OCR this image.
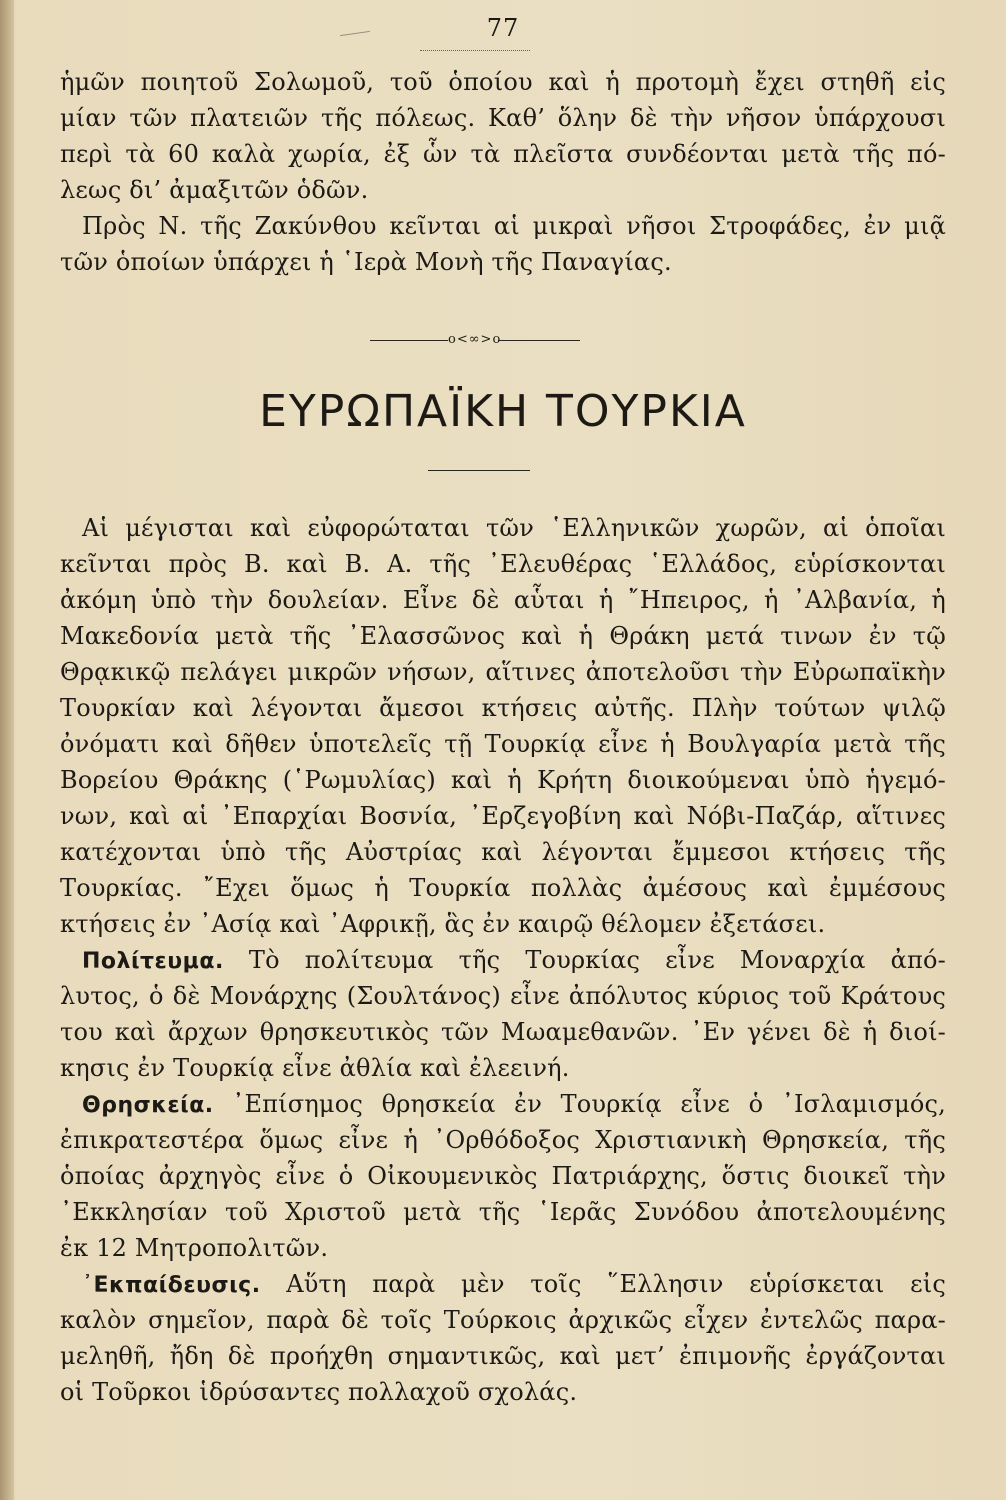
77
ἡμῶν ποιητοῦ Σολωμοῦ, τοῦ ὁποίου καὶ ἡ προτομὴ ἔχει στηθῆ εἰς
μίαν τῶν πλατειῶν τῆς πόλεως. Καθ’ ὅλην δὲ τὴν νῆσον ὑπάρχουσι
περὶ τὰ 60 καλὰ χωρία, ἐξ ὧν τὰ πλεῖστα συνδέονται μετὰ τῆς πό-
λεως δι’ ἀμαξιτῶν ὁδῶν.
Πρὸς Ν. τῆς Ζακύνθου κεῖνται αἱ μικραὶ νῆσοι Στροφάδες, ἐν μιᾷ
τῶν ὁποίων ὑπάρχει ἡ ῾Ιερὰ Μονὴ τῆς Παναγίας.
o<∞>o
ΕΥΡΩΠΑΪΚΗ ΤΟΥΡΚΙΑ
Αἱ μέγισται καὶ εὐφορώταται τῶν ῾Ελληνικῶν χωρῶν, αἱ ὁποῖαι
κεῖνται πρὸς Β. καὶ Β. Α. τῆς ᾿Ελευθέρας ῾Ελλάδος, εὑρίσκονται
ἀκόμη ὑπὸ τὴν δουλείαν. Εἶνε δὲ αὗται ἡ ῎Ηπειρος, ἡ ᾿Αλβανία, ἡ
Μακεδονία μετὰ τῆς ᾿Ελασσῶνος καὶ ἡ Θράκη μετά τινων ἐν τῷ
Θρᾳκικῷ πελάγει μικρῶν νήσων, αἵτινες ἀποτελοῦσι τὴν Εὐρωπαϊκὴν
Τουρκίαν καὶ λέγονται ἄμεσοι κτήσεις αὐτῆς. Πλὴν τούτων ψιλῷ
ὀνόματι καὶ δῆθεν ὑποτελεῖς τῇ Τουρκίᾳ εἶνε ἡ Βουλγαρία μετὰ τῆς
Βορείου Θράκης (῾Ρωμυλίας) καὶ ἡ Κρήτη διοικούμεναι ὑπὸ ἡγεμό-
νων, καὶ αἱ ᾿Επαρχίαι Βοσνία, ᾿Ερζεγοβίνη καὶ Νόβι-Παζάρ, αἵτινες
κατέχονται ὑπὸ τῆς Αὐστρίας καὶ λέγονται ἔμμεσοι κτήσεις τῆς
Τουρκίας. ῎Εχει ὅμως ἡ Τουρκία πολλὰς ἀμέσους καὶ ἐμμέσους
κτήσεις ἐν ᾿Ασίᾳ καὶ ᾿Αφρικῇ, ἃς ἐν καιρῷ θέλομεν ἐξετάσει.
Πολίτευμα. Τὸ πολίτευμα τῆς Τουρκίας εἶνε Μοναρχία ἀπό-
λυτος, ὁ δὲ Μονάρχης (Σουλτάνος) εἶνε ἀπόλυτος κύριος τοῦ Κράτους
του καὶ ἄρχων θρησκευτικὸς τῶν Μωαμεθανῶν. ᾿Εν γένει δὲ ἡ διοί-
κησις ἐν Τουρκίᾳ εἶνε ἀθλία καὶ ἐλεεινή.
Θρησκεία. ᾿Επίσημος θρησκεία ἐν Τουρκίᾳ εἶνε ὁ ᾿Ισλαμισμός,
ἐπικρατεστέρα ὅμως εἶνε ἡ ᾿Ορθόδοξος Χριστιανικὴ Θρησκεία, τῆς
ὁποίας ἀρχηγὸς εἶνε ὁ Οἰκουμενικὸς Πατριάρχης, ὅστις διοικεῖ τὴν
᾿Εκκλησίαν τοῦ Χριστοῦ μετὰ τῆς ῾Ιερᾶς Συνόδου ἀποτελουμένης
ἐκ 12 Μητροπολιτῶν.
᾿Εκπαίδευσις. Αὕτη παρὰ μὲν τοῖς ῞Ελλησιν εὑρίσκεται εἰς
καλὸν σημεῖον, παρὰ δὲ τοῖς Τούρκοις ἀρχικῶς εἶχεν ἐντελῶς παρα-
μεληθῆ, ἤδη δὲ προήχθη σημαντικῶς, καὶ μετ’ ἐπιμονῆς ἐργάζονται
οἱ Τοῦρκοι ἱδρύσαντες πολλαχοῦ σχολάς.
